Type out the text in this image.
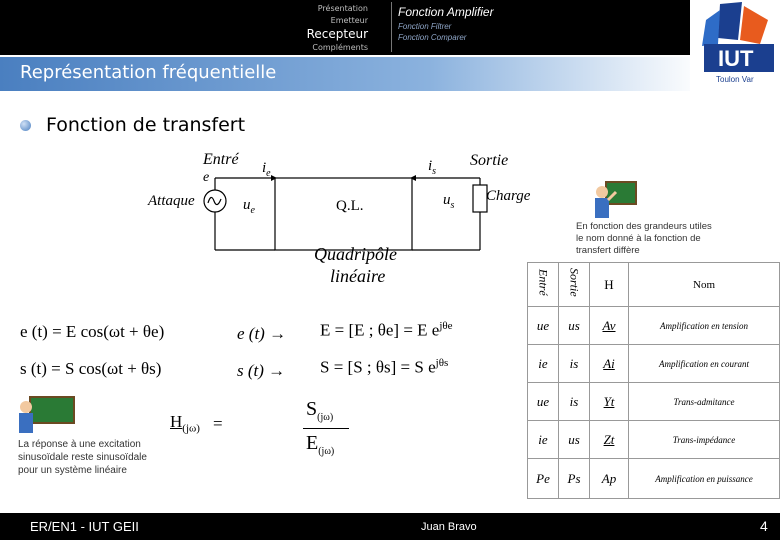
Présentation
Emetteur
Recepteur
Compléments
Fonction Amplifier
Fonction Filtrer
Fonction Comparer
Représentation fréquentielle
IUT
Toulon Var
Fonction de transfert
Entré
e
Attaque
$i_e$
$u_e$	Q.L.
$i_s$
$u_s$
Sortie
Charge
Quadripôle
linéaire
En fonction des grandeurs utiles le nom donné à la fonction de transfert diffère
e (t) = E cos(ωt + θe)
s (t) = S cos(ωt + θs)
e (t) →
s (t) →
E = [E ; θe] = E $e^{j\theta e}$
S = [S ; θs] = S $e^{j\theta s}$
$H_{(j\omega)}$ =
$S_{(j\omega)}$
$E_{(j\omega)}$
La réponse à une excitation sinusoïdale reste sinusoïdale pour un système linéaire
Entré	Sortie	H	Nom
ue	us	Av	Amplification en tension
ie	is	Ai	Amplification en courant
ue	is	Yt	Trans-admitance
ie	us	Zt	Trans-impédance
Pe	Ps	Ap	Amplification en puissance
ER/EN1 - IUT GEII	Juan Bravo	4
